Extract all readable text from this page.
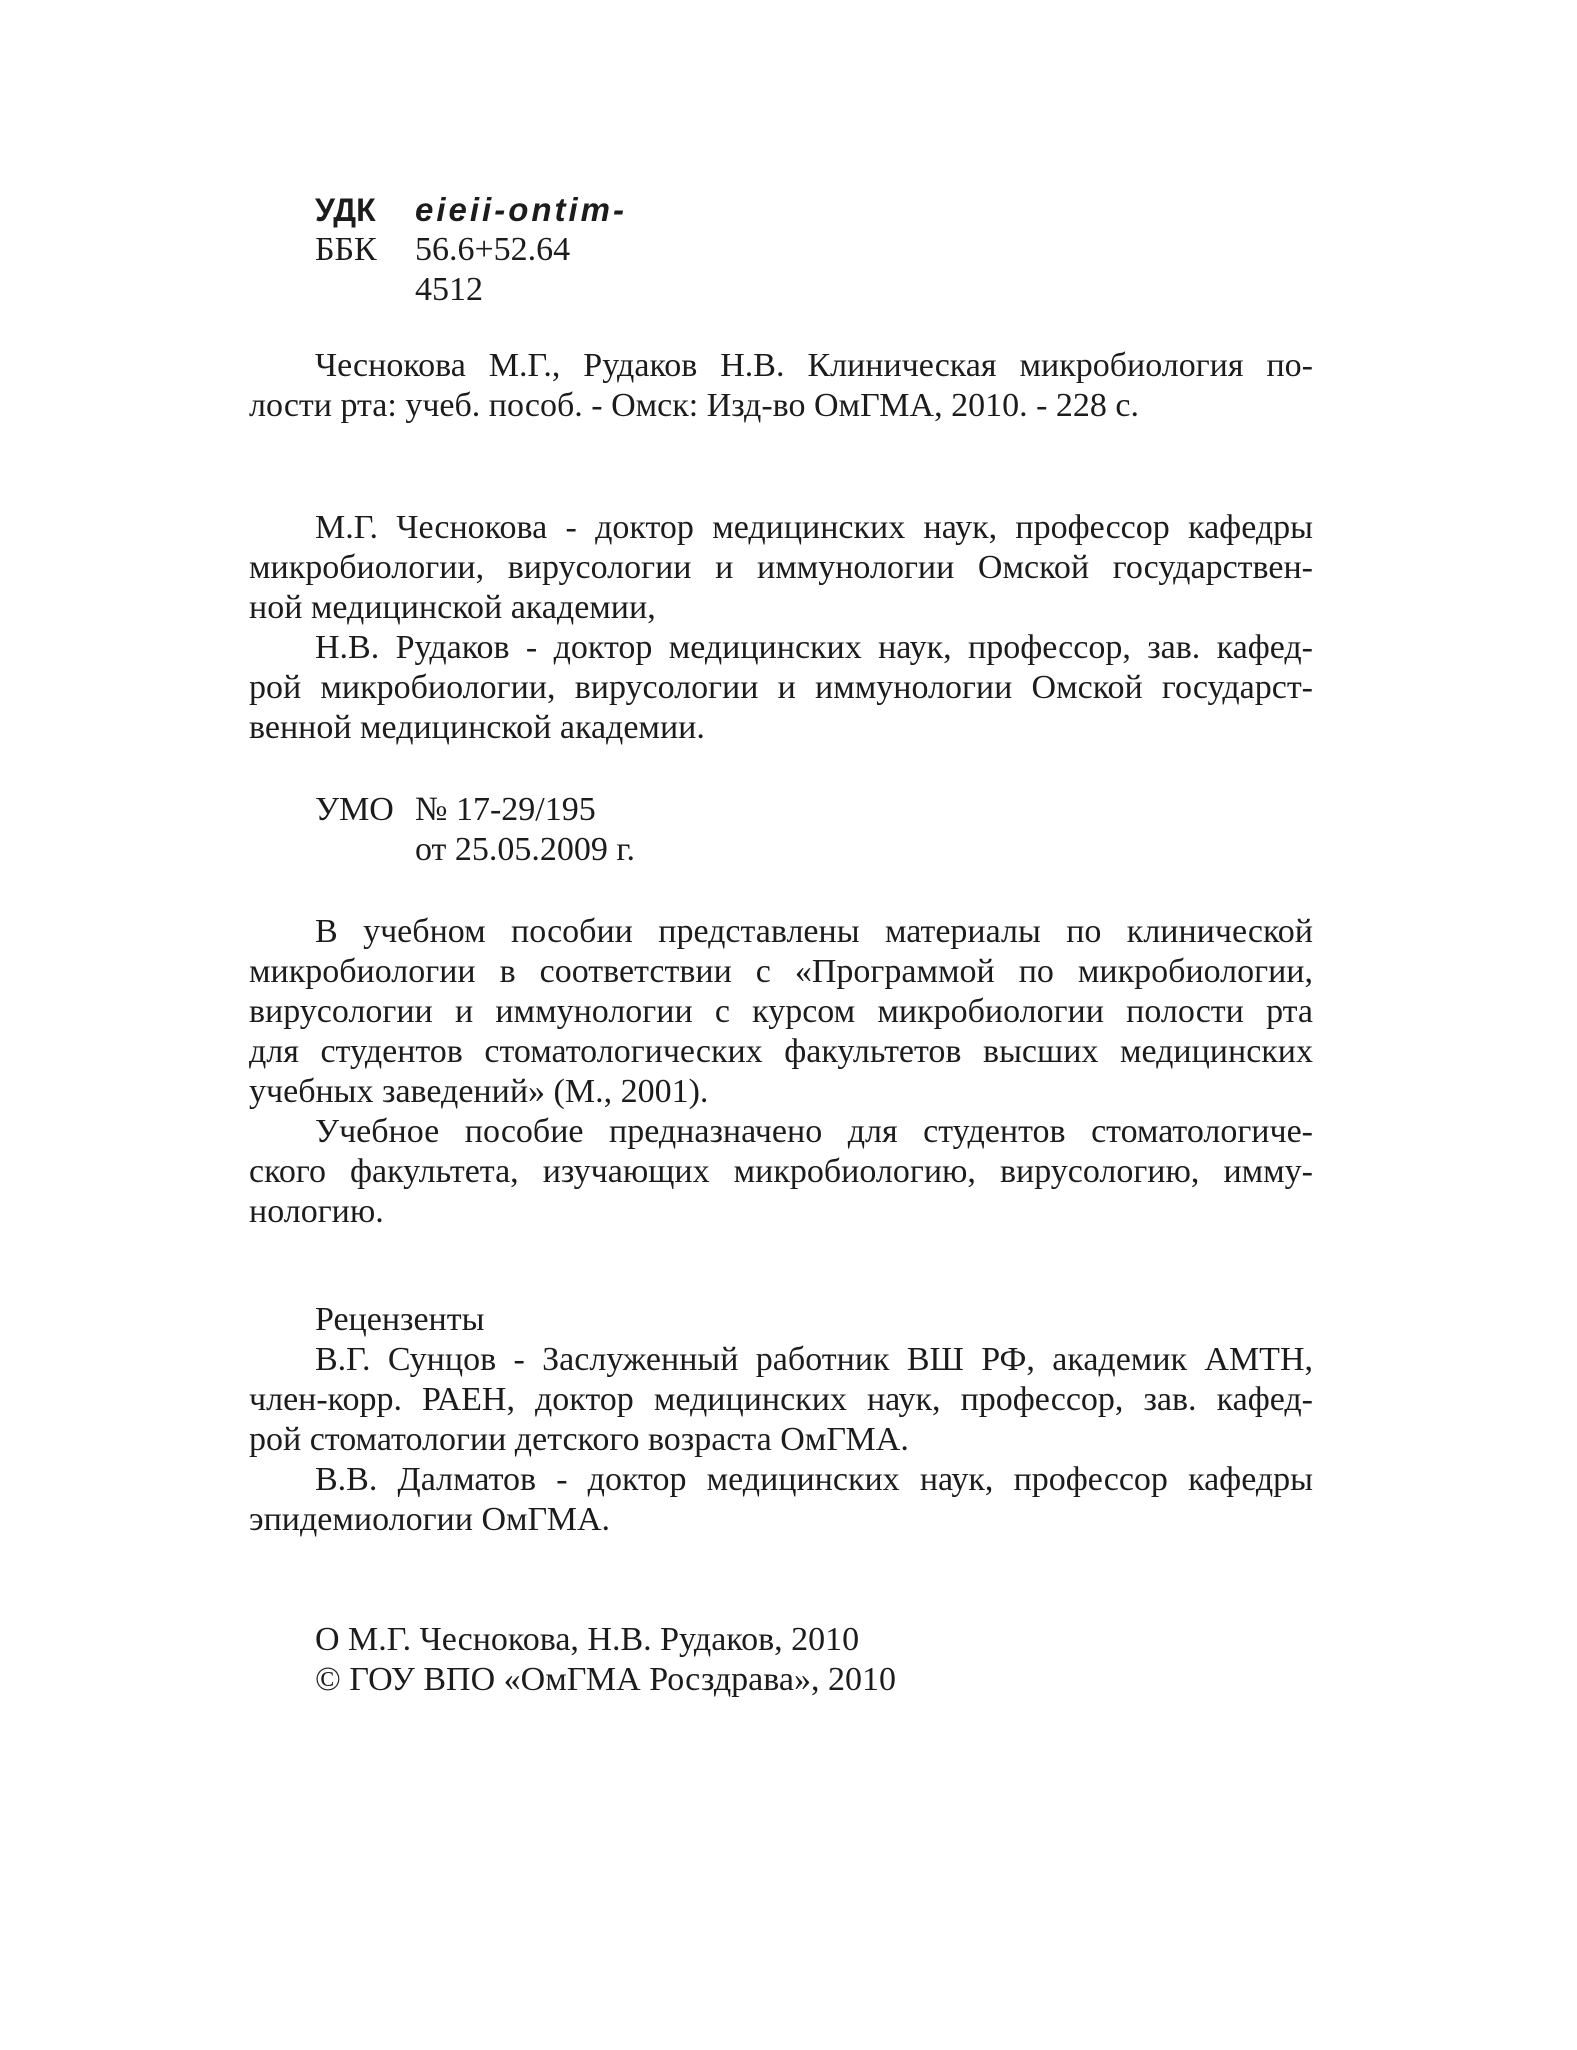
УДК eieii-ontim-
ББК	56.6+52.64
4512
Чеснокова М.Г., Рудаков Н.В. Клиническая микробиология по-
лости рта: учеб. пособ. - Омск: Изд-во ОмГМА, 2010. - 228 с.
М.Г. Чеснокова - доктор медицинских наук, профессор кафедры
микробиологии, вирусологии и иммунологии Омской государствен-
ной медицинской академии,
Н.В. Рудаков - доктор медицинских наук, профессор, зав. кафед-
рой микробиологии, вирусологии и иммунологии Омской государст-
венной медицинской академии.
УМО № 17-29/195
от 25.05.2009 г.
В учебном пособии представлены материалы по клинической
микробиологии в соответствии с «Программой по микробиологии,
вирусологии и иммунологии с курсом микробиологии полости рта
для студентов стоматологических факультетов высших медицинских
учебных заведений» (М., 2001).
Учебное пособие предназначено для студентов стоматологиче-
ского факультета, изучающих микробиологию, вирусологию, имму-
нологию.
Рецензенты
В.Г. Сунцов - Заслуженный работник ВШ РФ, академик АМТН,
член-корр. РАЕН, доктор медицинских наук, профессор, зав. кафед-
рой стоматологии детского возраста ОмГМА.
В.В. Далматов - доктор медицинских наук, профессор кафедры
эпидемиологии ОмГМА.
О М.Г. Чеснокова, Н.В. Рудаков, 2010
© ГОУ ВПО «ОмГМА Росздрава», 2010
